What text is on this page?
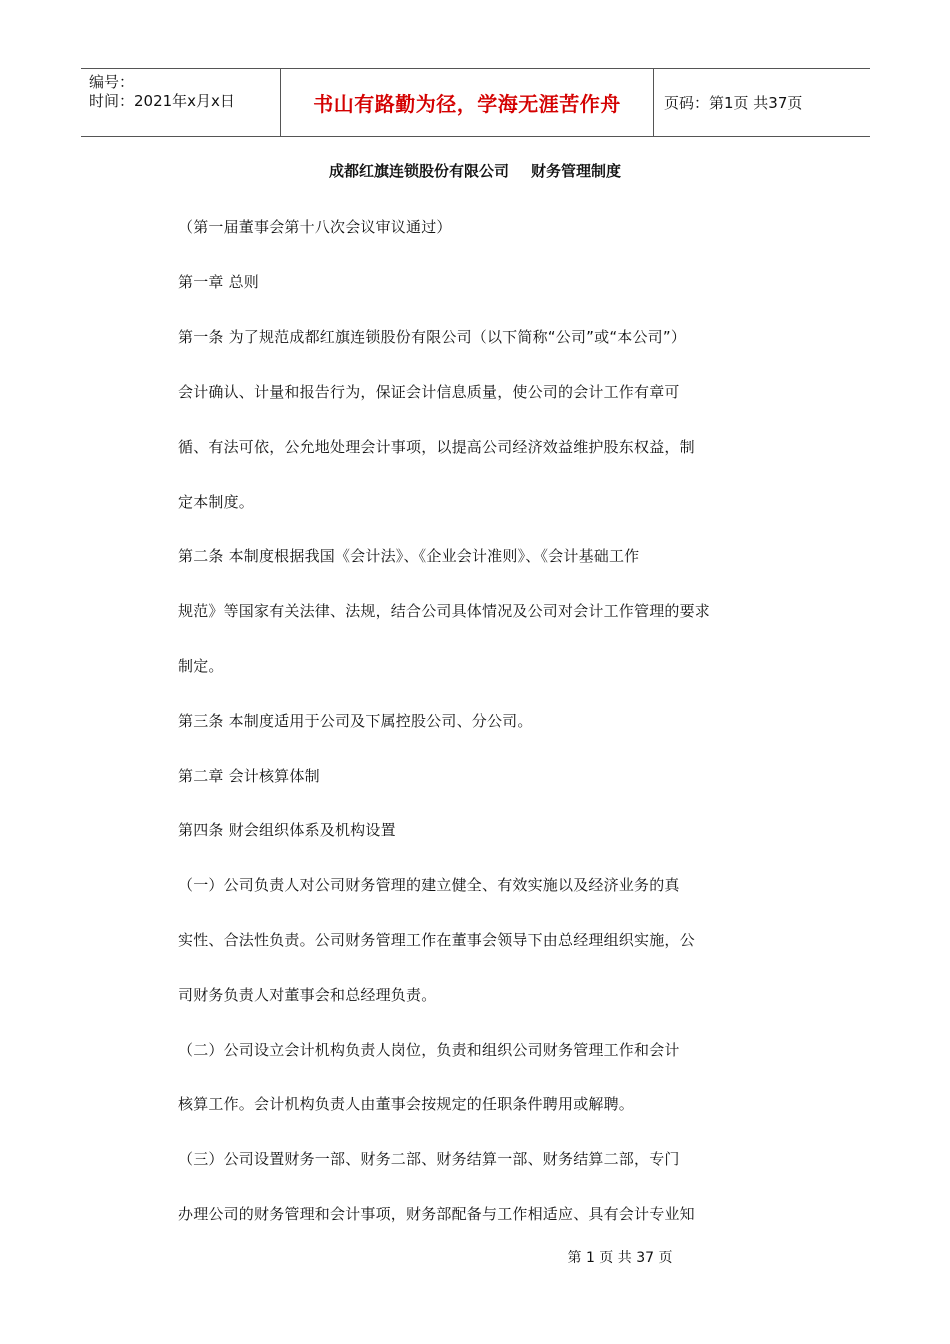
编号：
时间：2021年x月x日	书山有路勤为径，学海无涯苦作舟	页码：第1页 共37页
成都红旗连锁股份有限公司 财务管理制度
（第一届董事会第十八次会议审议通过）
第一章 总则
第一条 为了规范成都红旗连锁股份有限公司（以下简称“公司”或“本公司”）
会计确认、计量和报告行为，保证会计信息质量，使公司的会计工作有章可
循、有法可依，公允地处理会计事项，以提高公司经济效益维护股东权益，制
定本制度。
第二条 本制度根据我国《会计法》、《企业会计准则》、《会计基础工作
规范》等国家有关法律、法规，结合公司具体情况及公司对会计工作管理的要求
制定。
第三条 本制度适用于公司及下属控股公司、分公司。
第二章 会计核算体制
第四条 财会组织体系及机构设置
（一）公司负责人对公司财务管理的建立健全、有效实施以及经济业务的真
实性、合法性负责。公司财务管理工作在董事会领导下由总经理组织实施，公
司财务负责人对董事会和总经理负责。
（二）公司设立会计机构负责人岗位，负责和组织公司财务管理工作和会计
核算工作。会计机构负责人由董事会按规定的任职条件聘用或解聘。
（三）公司设置财务一部、财务二部、财务结算一部、财务结算二部，专门
办理公司的财务管理和会计事项，财务部配备与工作相适应、具有会计专业知
第 1 页 共 37 页
